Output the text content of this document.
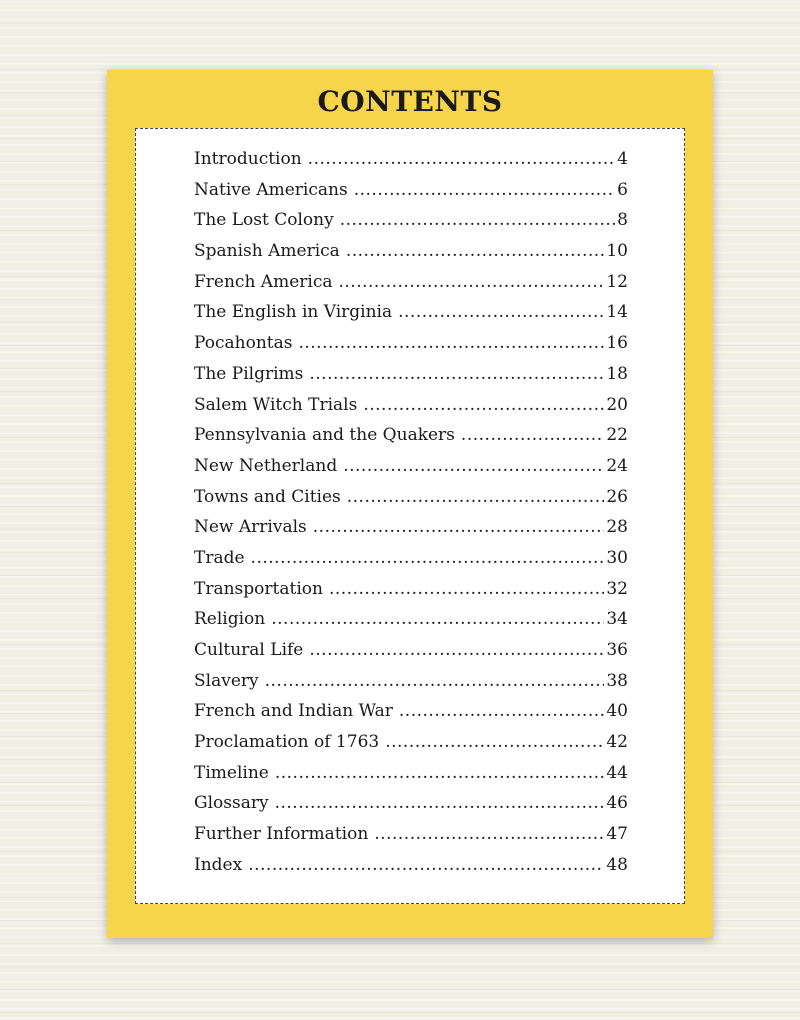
CONTENTS
Introduction .....	4
Native Americans .....	6
The Lost Colony .....	8
Spanish America .....	10
French America .....	12
The English in Virginia .....	14
Pocahontas .....	16
The Pilgrims .....	18
Salem Witch Trials .....	20
Pennsylvania and the Quakers .....	22
New Netherland .....	24
Towns and Cities .....	26
New Arrivals .....	28
Trade .....	30
Transportation .....	32
Religion .....	34
Cultural Life .....	36
Slavery .....	38
French and Indian War .....	40
Proclamation of 1763 .....	42
Timeline .....	44
Glossary .....	46
Further Information .....	47
Index .....	48
